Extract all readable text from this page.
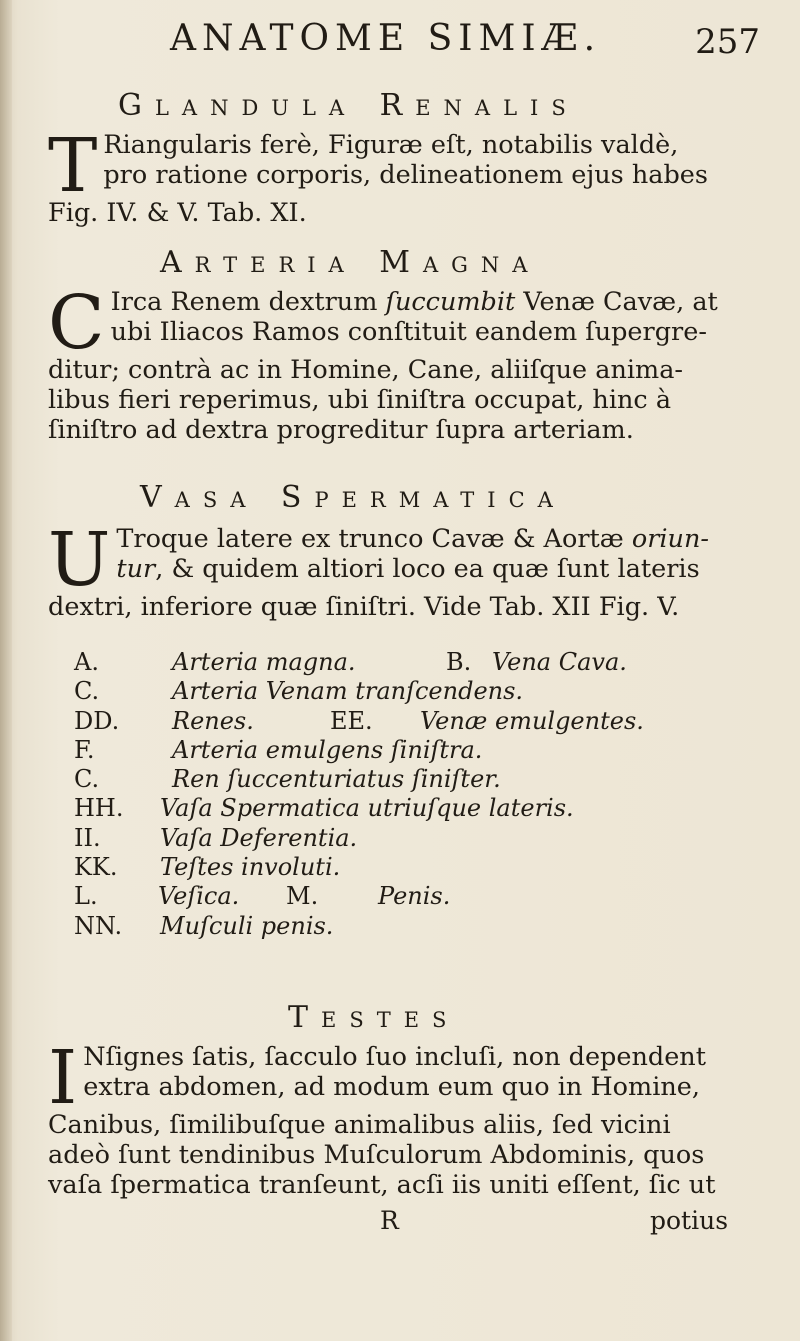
ANATOME SIMIÆ.	257
Glandula Renalis
T Riangularis ferè, Figuræ eſt, notabilis valdè,
pro ratione corporis, delineationem ejus habes
Fig. IV. & V. Tab. XI.
Arteria Magna
C Irca Renem dextrum ſuccumbit Venæ Cavæ, at
ubi Iliacos Ramos conſtituit eandem ſupergre-
ditur; contrà ac in Homine, Cane, aliiſque anima-
libus fieri reperimus, ubi ſiniſtra occupat, hinc à
ſiniſtro ad dextra progreditur ſupra arteriam.
Vasa Spermatica
U Troque latere ex trunco Cavæ & Aortæ oriun-
tur, & quidem altiori loco ea quæ ſunt lateris
dextri, inferiore quæ ſiniſtri. Vide Tab. XII Fig. V.
A.	Arteria magna.	B. Vena Cava.
C.	Arteria Venam tranſcendens.
DD. Renes.	EE. Venæ emulgentes.
F.	Arteria emulgens ſiniſtra.
C.	Ren ſuccenturiatus ſiniſter.
HH. Vaſa Spermatica utriuſque lateris.
II. Vaſa Deferentia.
KK. Teſtes involuti.
L.	Veſica. M. Penis.
NN. Muſculi penis.
Testes
I Nſignes ſatis, ſacculo ſuo incluſi, non dependent
extra abdomen, ad modum eum quo in Homine,
Canibus, ſimilibuſque animalibus aliis, ſed vicini
adeò ſunt tendinibus Muſculorum Abdominis, quos
vaſa ſpermatica tranſeunt, acſi iis uniti eſſent, ſic ut
R	potius
